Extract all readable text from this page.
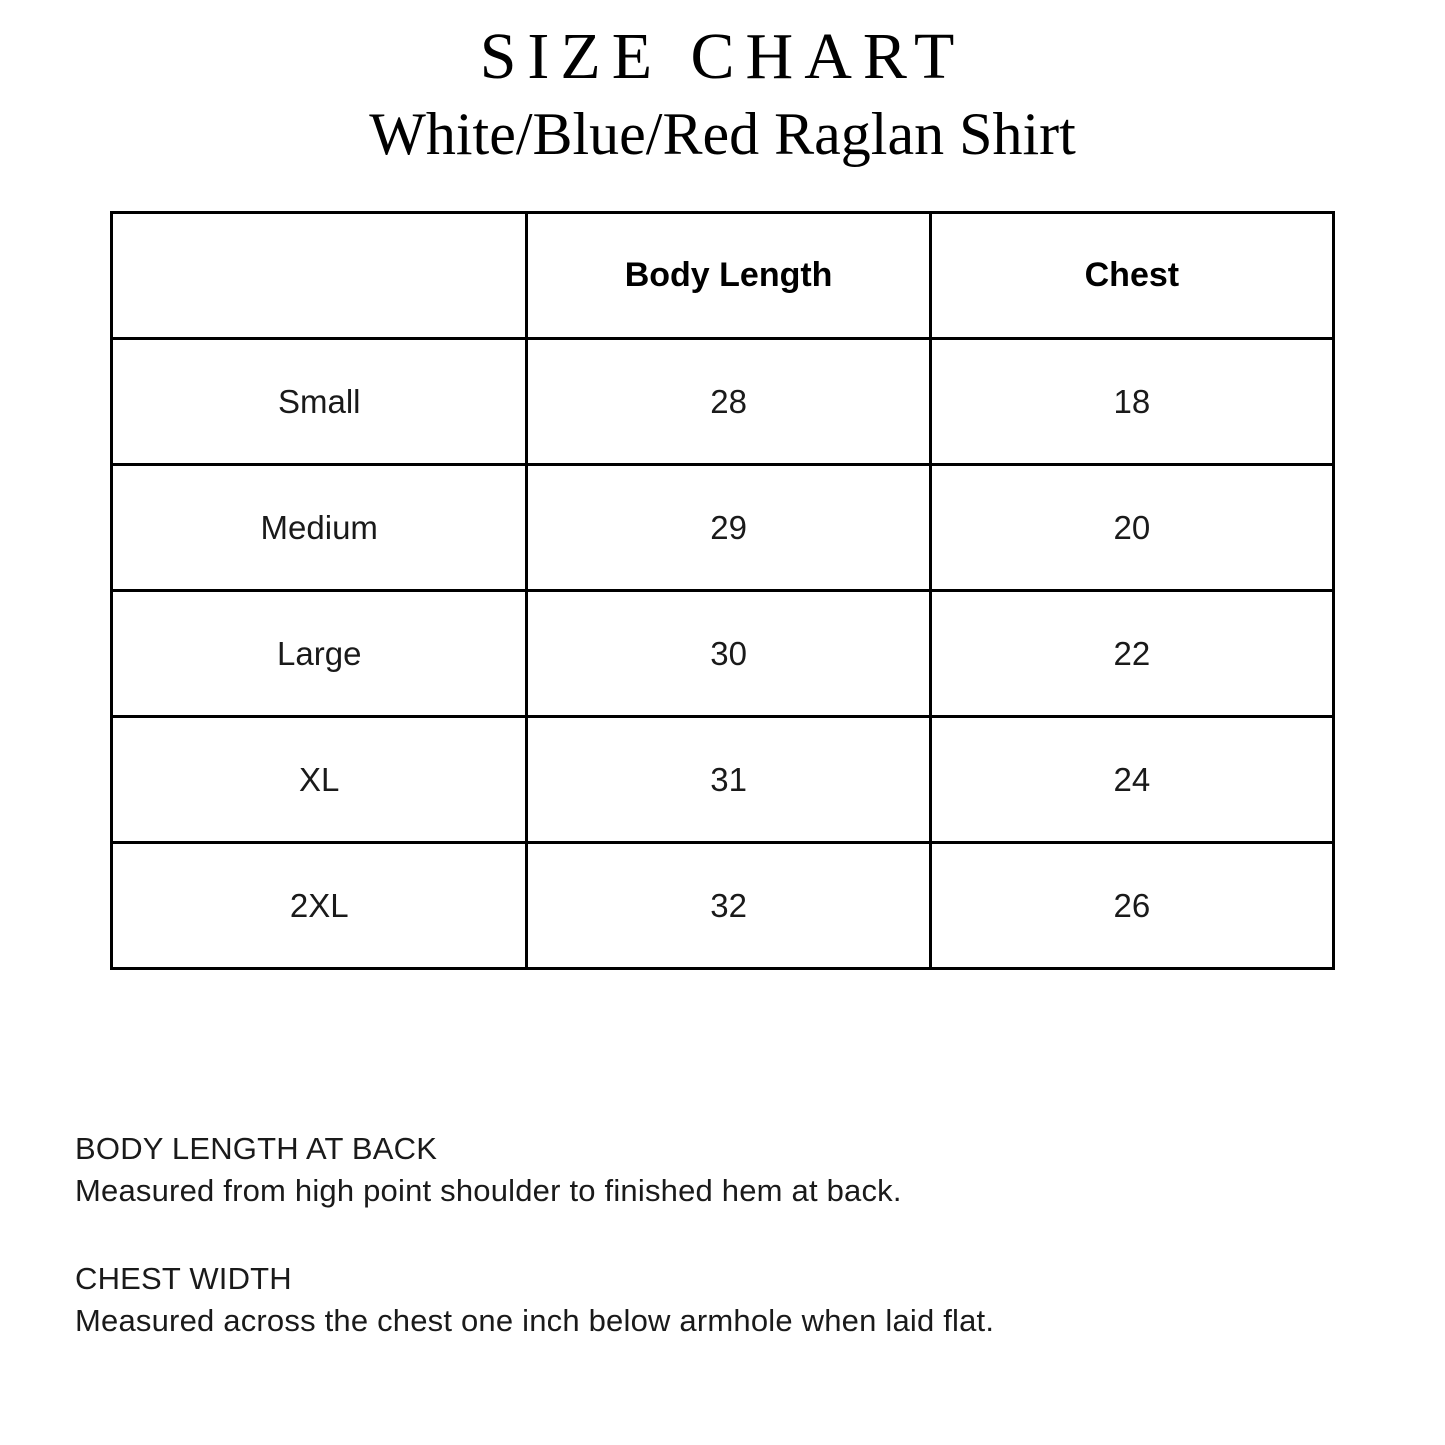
SIZE CHART
White/Blue/Red Raglan Shirt
	Body Length	Chest
Small	28	18
Medium	29	20
Large	30	22
XL	31	24
2XL	32	26
BODY LENGTH AT BACK
Measured from high point shoulder to finished hem at back.
CHEST WIDTH
Measured across the chest one inch below armhole when laid flat.
